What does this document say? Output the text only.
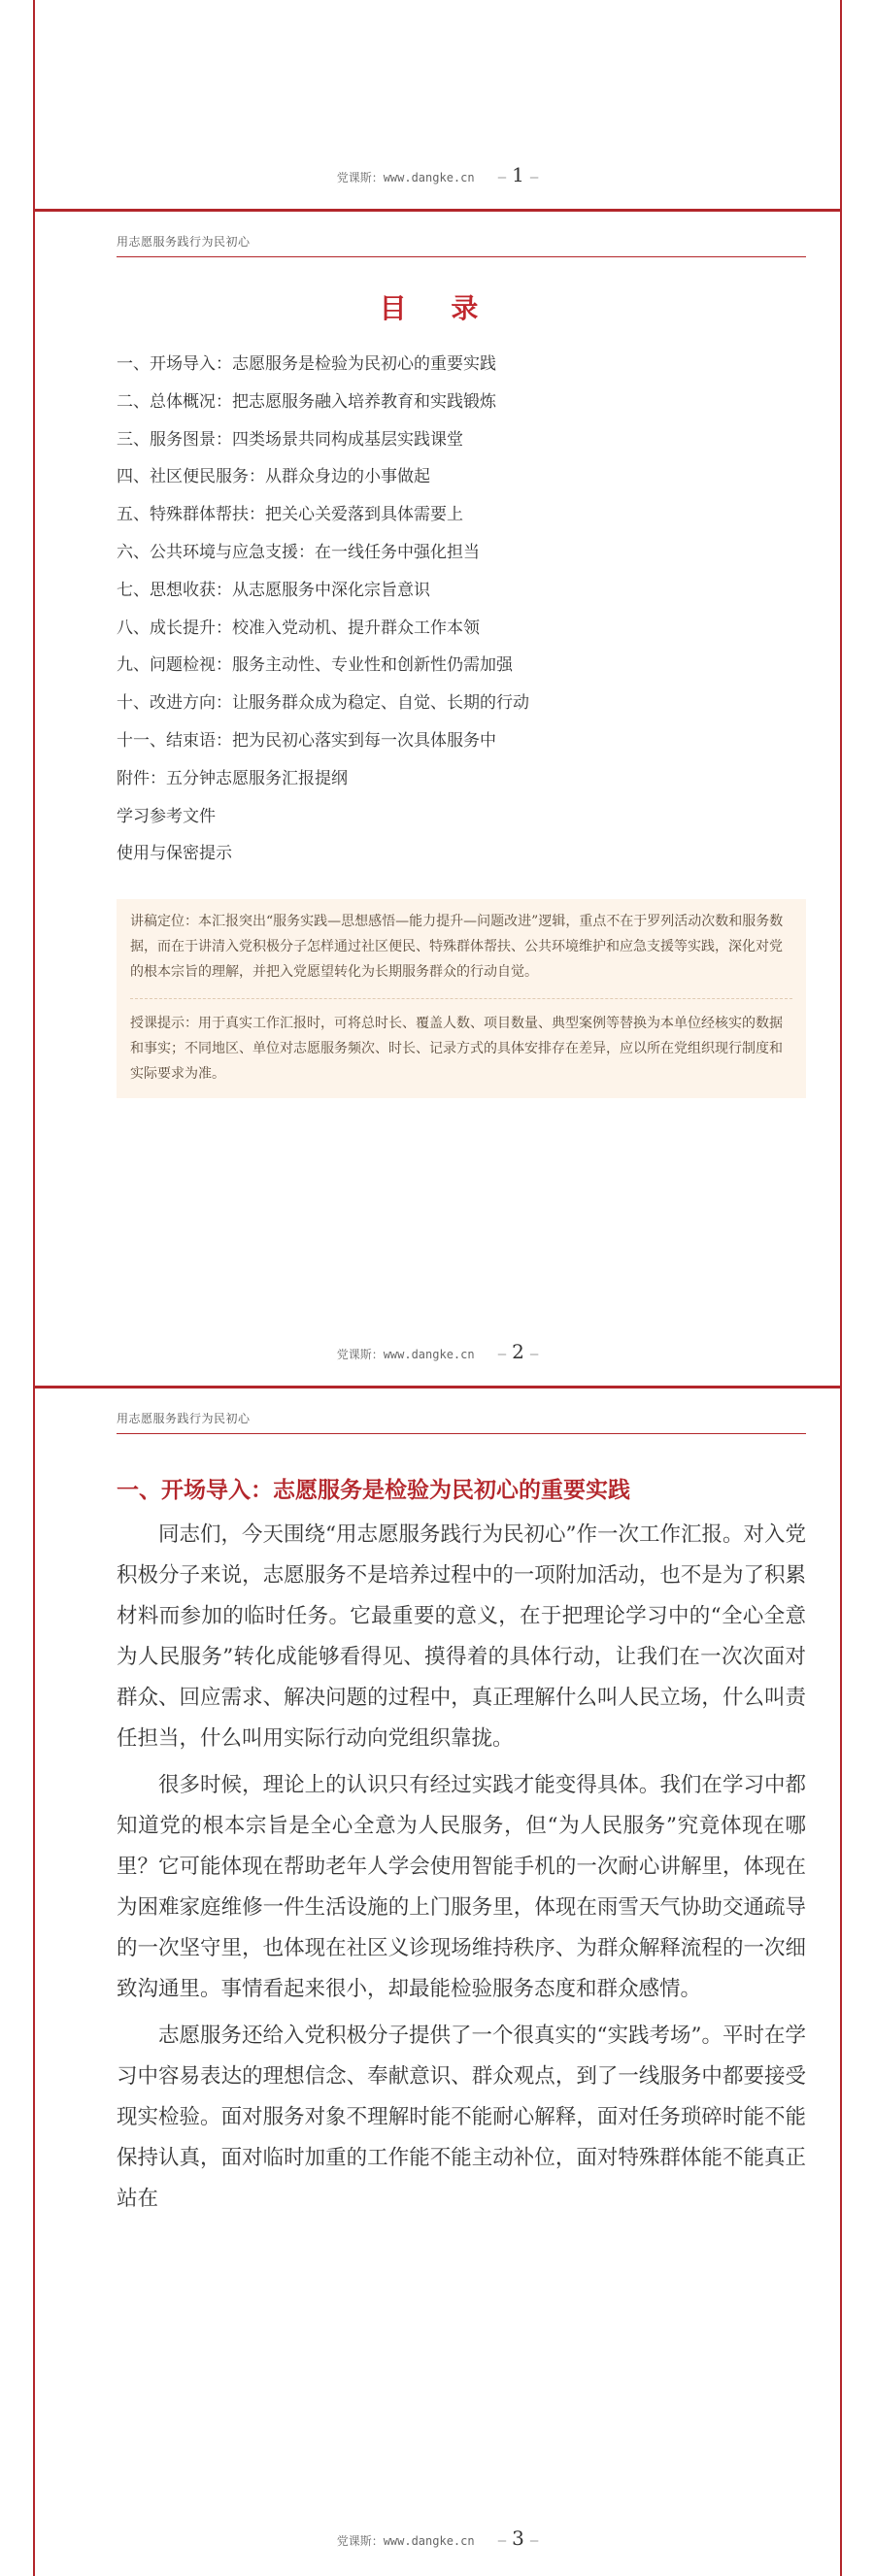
党课斯：www.dangke.cn   — 1 —
用志愿服务践行为民初心
目 录
一、开场导入：志愿服务是检验为民初心的重要实践
二、总体概况：把志愿服务融入培养教育和实践锻炼
三、服务图景：四类场景共同构成基层实践课堂
四、社区便民服务：从群众身边的小事做起
五、特殊群体帮扶：把关心关爱落到具体需要上
六、公共环境与应急支援：在一线任务中强化担当
七、思想收获：从志愿服务中深化宗旨意识
八、成长提升：校准入党动机、提升群众工作本领
九、问题检视：服务主动性、专业性和创新性仍需加强
十、改进方向：让服务群众成为稳定、自觉、长期的行动
十一、结束语：把为民初心落实到每一次具体服务中
附件：五分钟志愿服务汇报提纲
学习参考文件
使用与保密提示

讲稿定位：本汇报突出“服务实践—思想感悟—能力提升—问题改进”逻辑，重点不在于罗列活动次数和服务数据，而在于讲清入党积极分子怎样通过社区便民、特殊群体帮扶、公共环境维护和应急支援等实践，深化对党的根本宗旨的理解，并把入党愿望转化为长期服务群众的行动自觉。

授课提示：用于真实工作汇报时，可将总时长、覆盖人数、项目数量、典型案例等替换为本单位经核实的数据和事实；不同地区、单位对志愿服务频次、时长、记录方式的具体安排存在差异，应以所在党组织现行制度和实际要求为准。

党课斯：www.dangke.cn   — 2 —
用志愿服务践行为民初心
一、开场导入：志愿服务是检验为民初心的重要实践

同志们，今天围绕“用志愿服务践行为民初心”作一次工作汇报。对入党积极分子来说，志愿服务不是培养过程中的一项附加活动，也不是为了积累材料而参加的临时任务。它最重要的意义，在于把理论学习中的“全心全意为人民服务”转化成能够看得见、摸得着的具体行动，让我们在一次次面对群众、回应需求、解决问题的过程中，真正理解什么叫人民立场，什么叫责任担当，什么叫用实际行动向党组织靠拢。

很多时候，理论上的认识只有经过实践才能变得具体。我们在学习中都知道党的根本宗旨是全心全意为人民服务，但“为人民服务”究竟体现在哪里？它可能体现在帮助老年人学会使用智能手机的一次耐心讲解里，体现在为困难家庭维修一件生活设施的上门服务里，体现在雨雪天气协助交通疏导的一次坚守里，也体现在社区义诊现场维持秩序、为群众解释流程的一次细致沟通里。事情看起来很小，却最能检验服务态度和群众感情。

志愿服务还给入党积极分子提供了一个很真实的“实践考场”。平时在学习中容易表达的理想信念、奉献意识、群众观点，到了一线服务中都要接受现实检验。面对服务对象不理解时能不能耐心解释，面对任务琐碎时能不能保持认真，面对临时加重的工作能不能主动补位，面对特殊群体能不能真正站在

党课斯：www.dangke.cn   — 3 —
